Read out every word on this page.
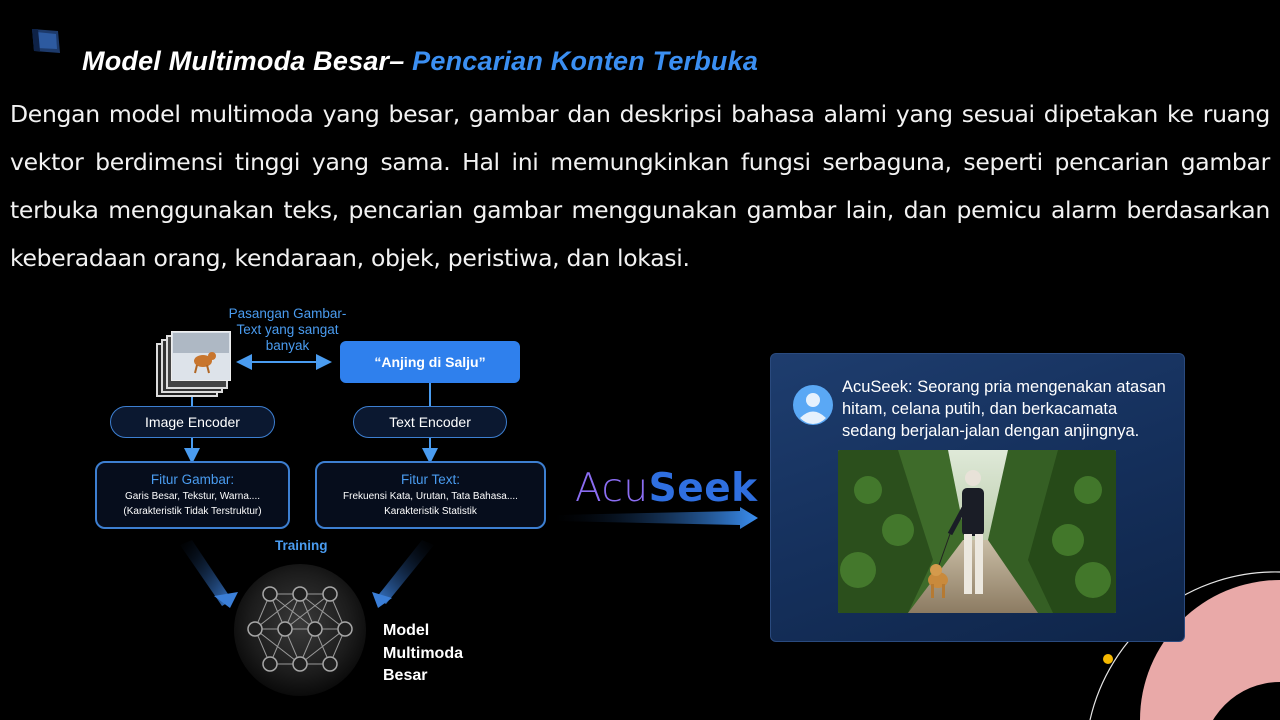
Model Multimoda Besar– Pencarian Konten Terbuka
Dengan model multimoda yang besar, gambar dan deskripsi bahasa alami yang sesuai dipetakan ke ruang vektor berdimensi tinggi yang sama. Hal ini memungkinkan fungsi serbaguna, seperti pencarian gambar terbuka menggunakan teks, pencarian gambar menggunakan gambar lain, dan pemicu alarm berdasarkan keberadaan orang, kendaraan, objek, peristiwa, dan lokasi.
Pasangan Gambar-
Text yang sangat
banyak
“Anjing di Salju”
Image Encoder	Text Encoder
Fitur Gambar:
Garis Besar, Tekstur, Warna....
(Karakteristik Tidak Terstruktur)
Fitur Text:
Frekuensi Kata, Urutan, Tata Bahasa....
Karakteristik Statistik
Training
Model
Multimoda
Besar
AcuSeek
AcuSeek: Seorang pria mengenakan atasan hitam, celana putih, dan berkacamata sedang berjalan-jalan dengan anjingnya.
